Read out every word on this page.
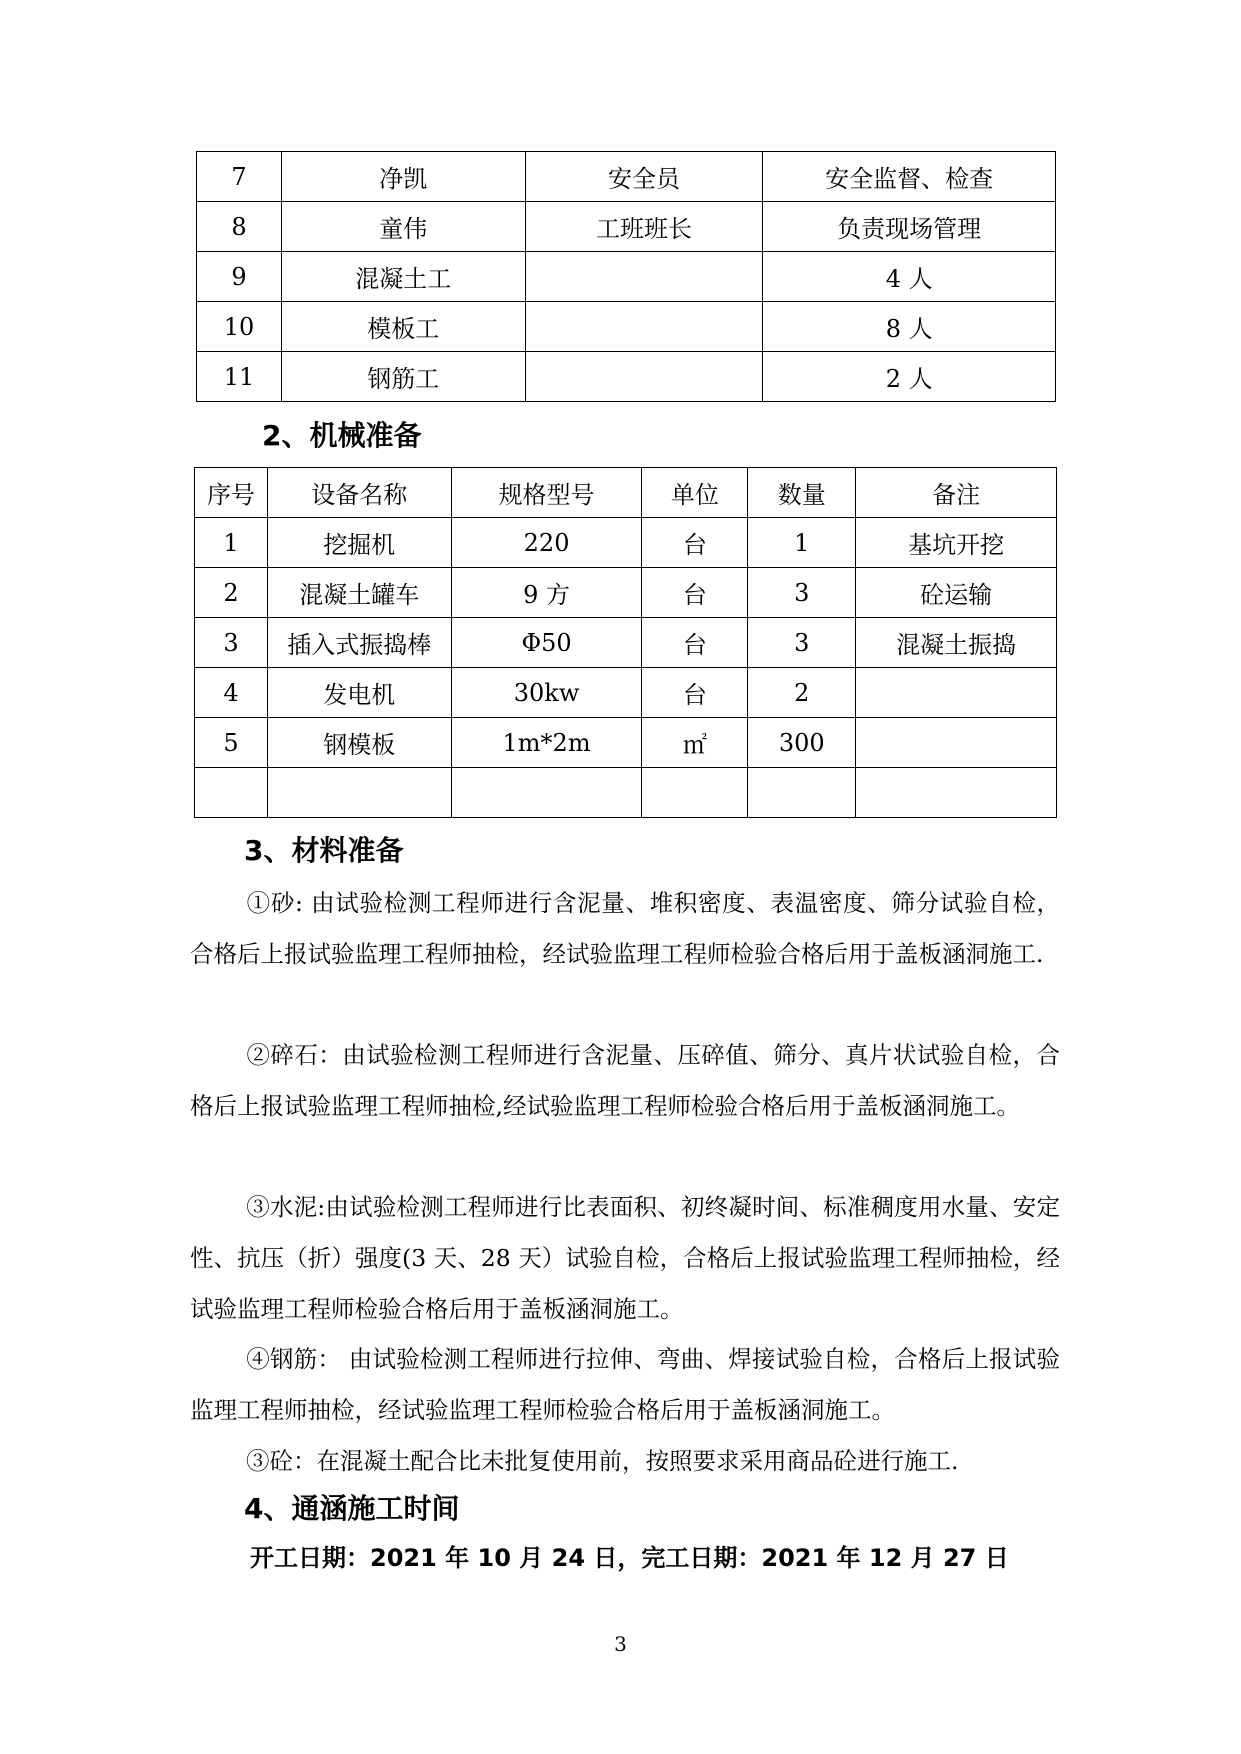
7	净凯	安全员	安全监督、检查
8	童伟	工班班长	负责现场管理
9	混凝土工		4 人
10	模板工		8 人
11	钢筋工		2 人
2、机械准备
序号	设备名称	规格型号	单位	数量	备注
1	挖掘机	220	台	1	基坑开挖
2	混凝土罐车	9 方	台	3	砼运输
3	插入式振捣棒	Φ50	台	3	混凝土振捣
4	发电机	30kw	台	2	
5	钢模板	1m*2m	㎡	300	

3、材料准备

①砂: 由试验检测工程师进行含泥量、堆积密度、表温密度、筛分试验自检，合格后上报试验监理工程师抽检，经试验监理工程师检验合格后用于盖板涵洞施工.

②碎石：由试验检测工程师进行含泥量、压碎值、筛分、真片状试验自检，合格后上报试验监理工程师抽检,经试验监理工程师检验合格后用于盖板涵洞施工。

③水泥:由试验检测工程师进行比表面积、初终凝时间、标准稠度用水量、安定性、抗压（折）强度(3 天、28 天）试验自检，合格后上报试验监理工程师抽检，经试验监理工程师检验合格后用于盖板涵洞施工。

④钢筋： 由试验检测工程师进行拉伸、弯曲、焊接试验自检，合格后上报试验监理工程师抽检，经试验监理工程师检验合格后用于盖板涵洞施工。

③砼：在混凝土配合比未批复使用前，按照要求采用商品砼进行施工.

4、通涵施工时间

开工日期：2021 年 10 月 24 日，完工日期：2021 年 12 月 27 日

3
